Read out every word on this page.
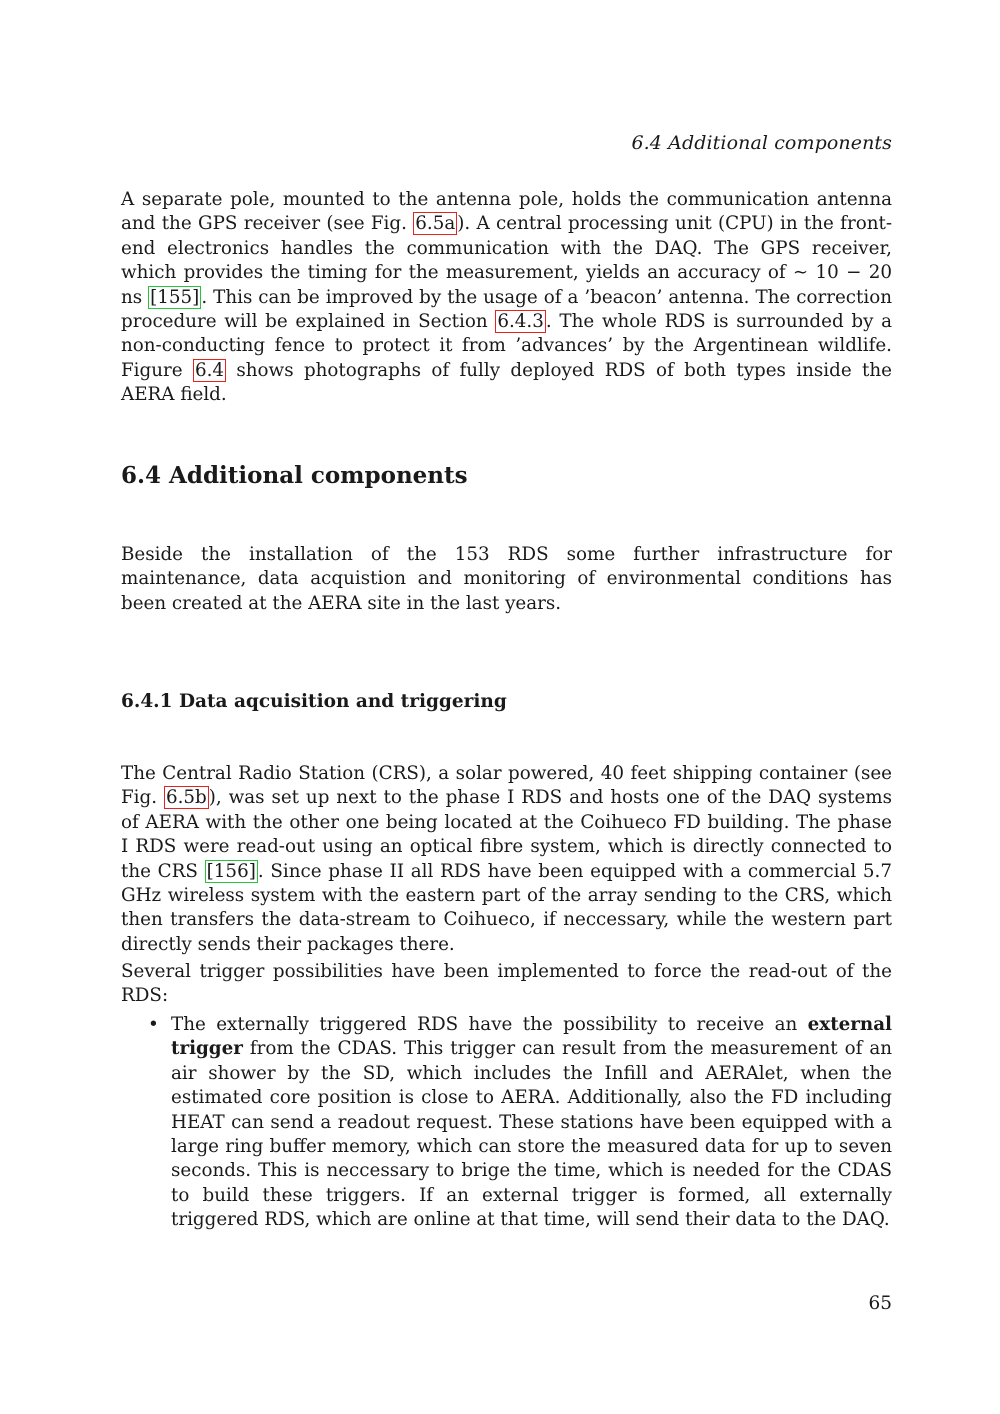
6.4 Additional components

A separate pole, mounted to the antenna pole, holds the communication antenna and the GPS receiver (see Fig. 6.5a ). A central processing unit (CPU) in the front-end electronics handles the communication with the DAQ. The GPS receiver, which provides the timing for the measurement, yields an accuracy of ∼ 10 − 20 ns [155] . This can be improved by the usage of a ’beacon’ antenna. The correction procedure will be explained in Section 6.4.3 . The whole RDS is surrounded by a non-conducting fence to protect it from ’advances’ by the Argentinean wildlife. Figure 6.4 shows photographs of fully deployed RDS of both types inside the AERA field.

6.4 Additional components

Beside the installation of the 153 RDS some further infrastructure for maintenance, data acquistion and monitoring of environmental conditions has been created at the AERA site in the last years.

6.4.1 Data aqcuisition and triggering

The Central Radio Station (CRS), a solar powered, 40 feet shipping container (see Fig. 6.5b ), was set up next to the phase I RDS and hosts one of the DAQ systems of AERA with the other one being located at the Coihueco FD building. The phase I RDS were read-out using an optical fibre system, which is directly connected to the CRS [156] . Since phase II all RDS have been equipped with a commercial 5.7 GHz wireless system with the eastern part of the array sending to the CRS, which then transfers the data-stream to Coihueco, if neccessary, while the western part directly sends their packages there.

Several trigger possibilities have been implemented to force the read-out of the RDS:

• The externally triggered RDS have the possibility to receive an external trigger from the CDAS. This trigger can result from the measurement of an air shower by the SD, which includes the Infill and AERAlet, when the estimated core position is close to AERA. Additionally, also the FD including HEAT can send a readout request. These stations have been equipped with a large ring buffer memory, which can store the measured data for up to seven seconds. This is neccessary to brige the time, which is needed for the CDAS to build these triggers. If an external trigger is formed, all externally triggered RDS, which are online at that time, will send their data to the DAQ.
65
